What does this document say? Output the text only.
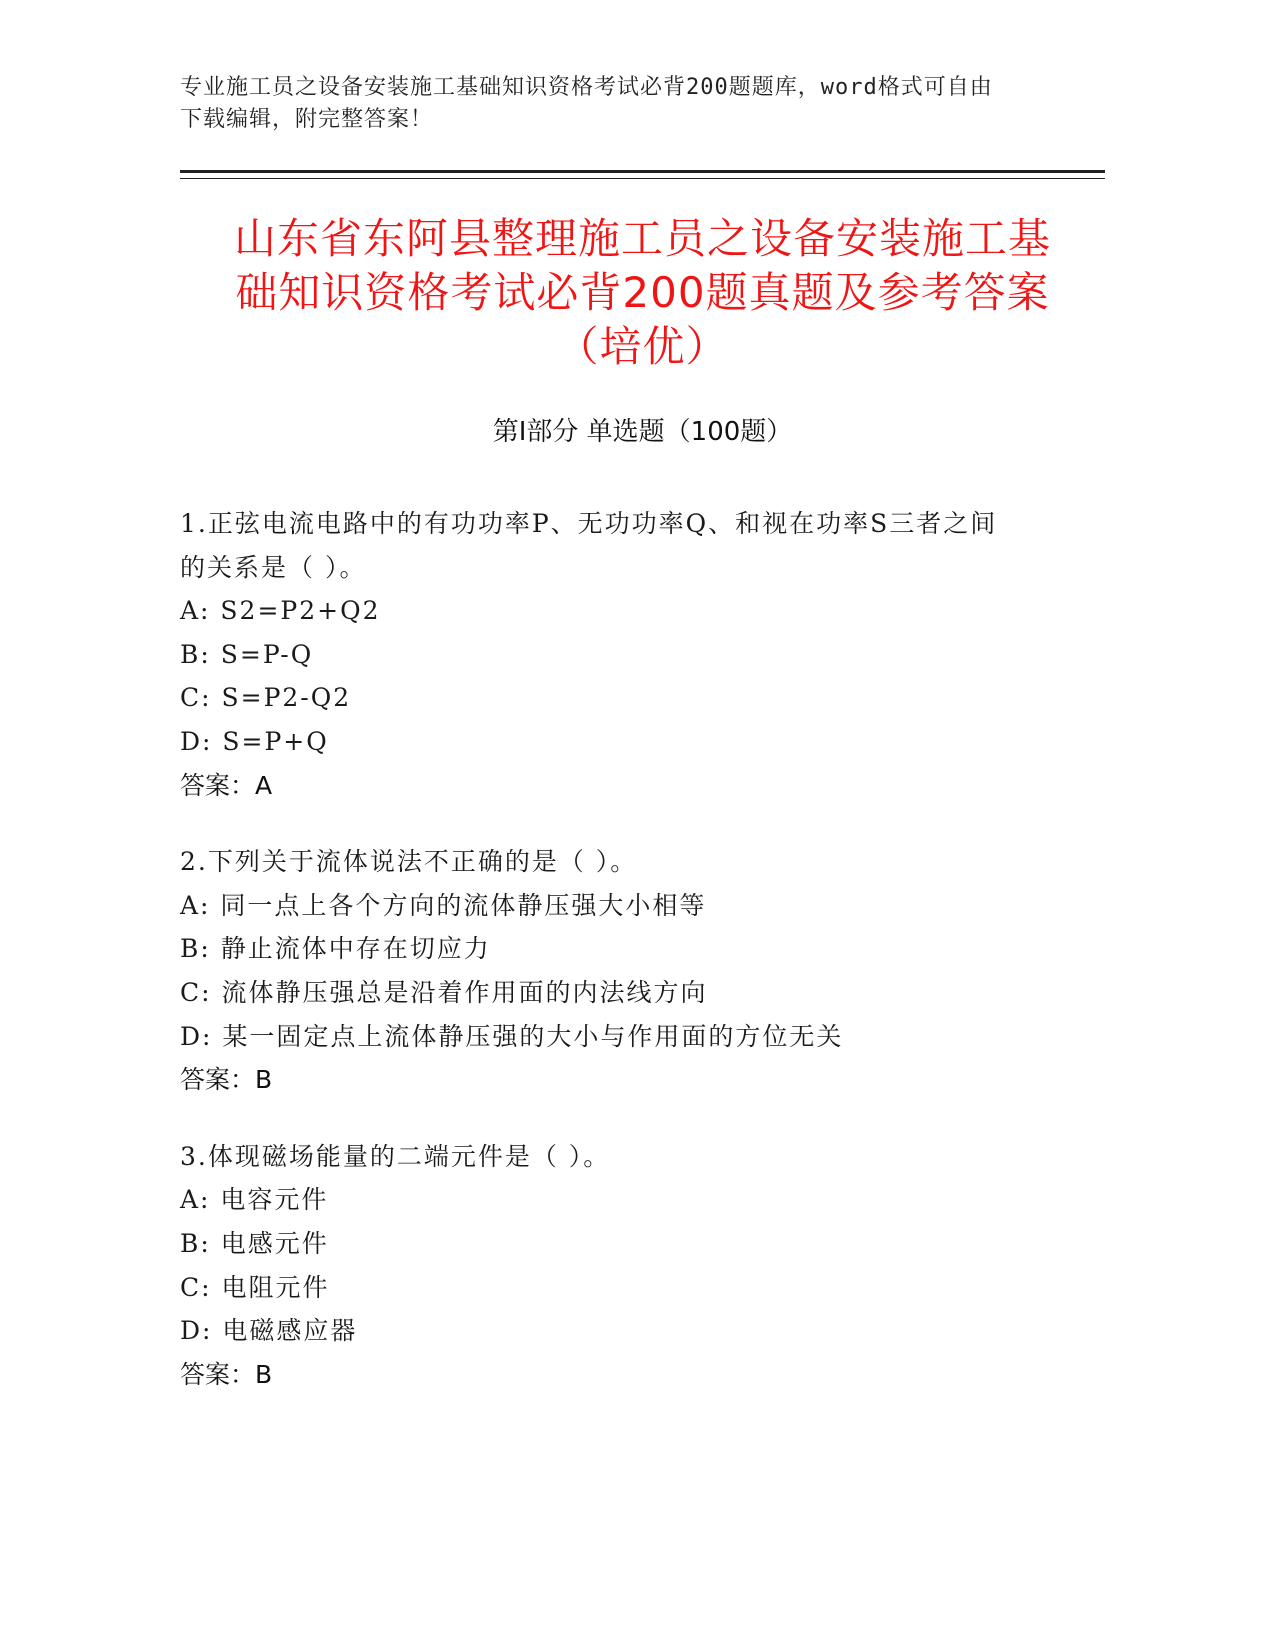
专业施工员之设备安装施工基础知识资格考试必背200题题库，word格式可自由
下载编辑，附完整答案！
山东省东阿县整理施工员之设备安装施工基
础知识资格考试必背200题真题及参考答案
（培优）
第I部分 单选题（100题）
1.正弦电流电路中的有功功率P、无功功率Q、和视在功率S三者之间
的关系是（ ）。
A: S2=P2+Q2
B: S=P-Q
C: S=P2-Q2
D: S=P+Q
答案：A
2.下列关于流体说法不正确的是（ ）。
A: 同一点上各个方向的流体静压强大小相等
B: 静止流体中存在切应力
C: 流体静压强总是沿着作用面的内法线方向
D: 某一固定点上流体静压强的大小与作用面的方位无关
答案：B
3.体现磁场能量的二端元件是（ ）。
A: 电容元件
B: 电感元件
C: 电阻元件
D: 电磁感应器
答案：B
